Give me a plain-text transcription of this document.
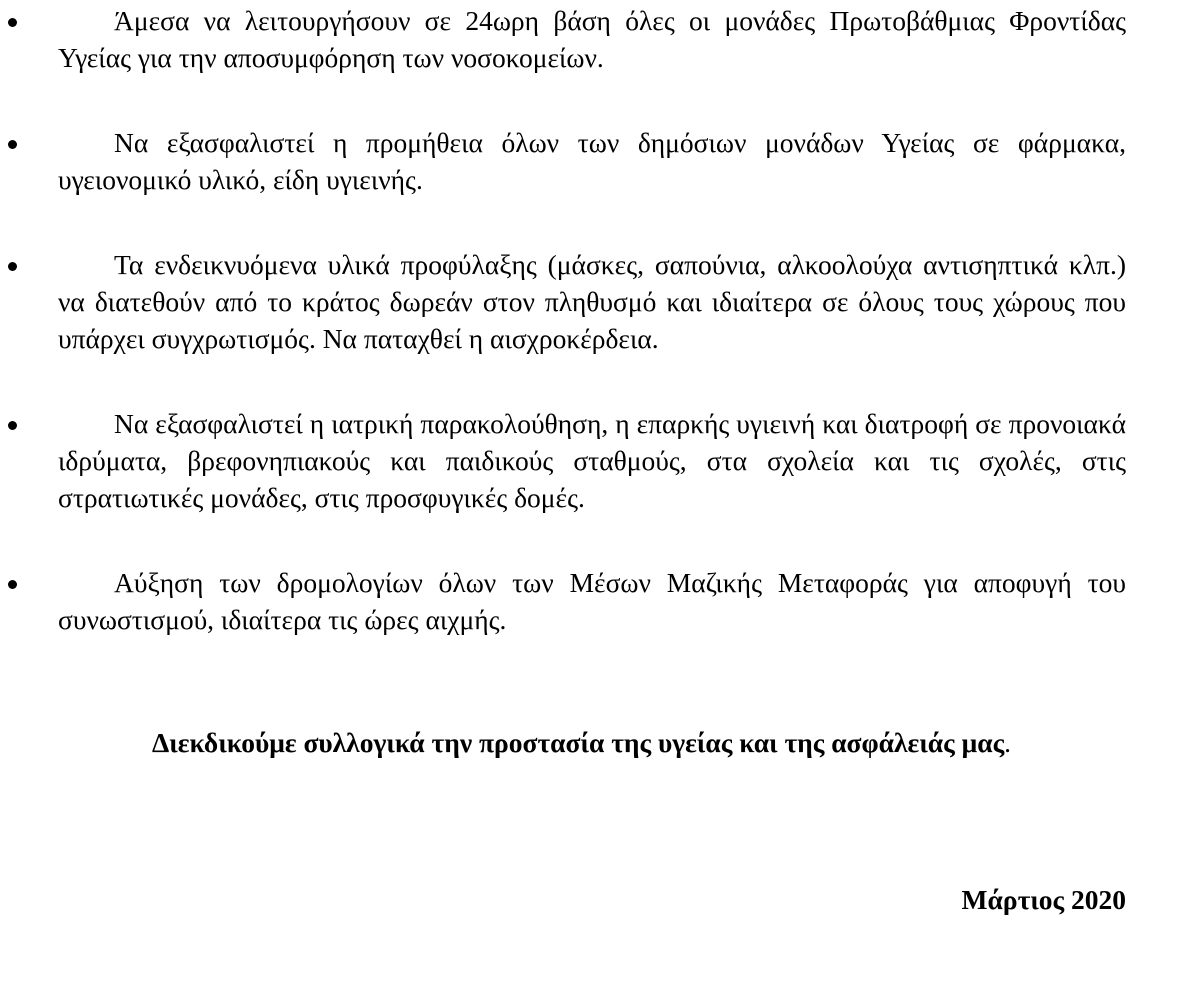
Άμεσα να λειτουργήσουν σε 24ωρη βάση όλες οι μονάδες Πρωτοβάθμιας Φροντίδας Υγείας για την αποσυμφόρηση των νοσοκομείων.
Να εξασφαλιστεί η προμήθεια όλων των δημόσιων μονάδων Υγείας σε φάρμακα, υγειονομικό υλικό, είδη υγιεινής.
Τα ενδεικνυόμενα υλικά προφύλαξης (μάσκες, σαπούνια, αλκοολούχα αντισηπτικά κλπ.) να διατεθούν από το κράτος δωρεάν στον πληθυσμό και ιδιαίτερα σε όλους τους χώρους που υπάρχει συγχρωτισμός. Να παταχθεί η αισχροκέρδεια.
Να εξασφαλιστεί η ιατρική παρακολούθηση, η επαρκής υγιεινή και διατροφή σε προνοιακά ιδρύματα, βρεφονηπιακούς και παιδικούς σταθμούς, στα σχολεία και τις σχολές, στις στρατιωτικές μονάδες, στις προσφυγικές δομές.
Αύξηση των δρομολογίων όλων των Μέσων Μαζικής Μεταφοράς για αποφυγή του συνωστισμού, ιδιαίτερα τις ώρες αιχμής.
Διεκδικούμε συλλογικά την προστασία της υγείας και της ασφάλειάς μας.
Μάρτιος 2020
